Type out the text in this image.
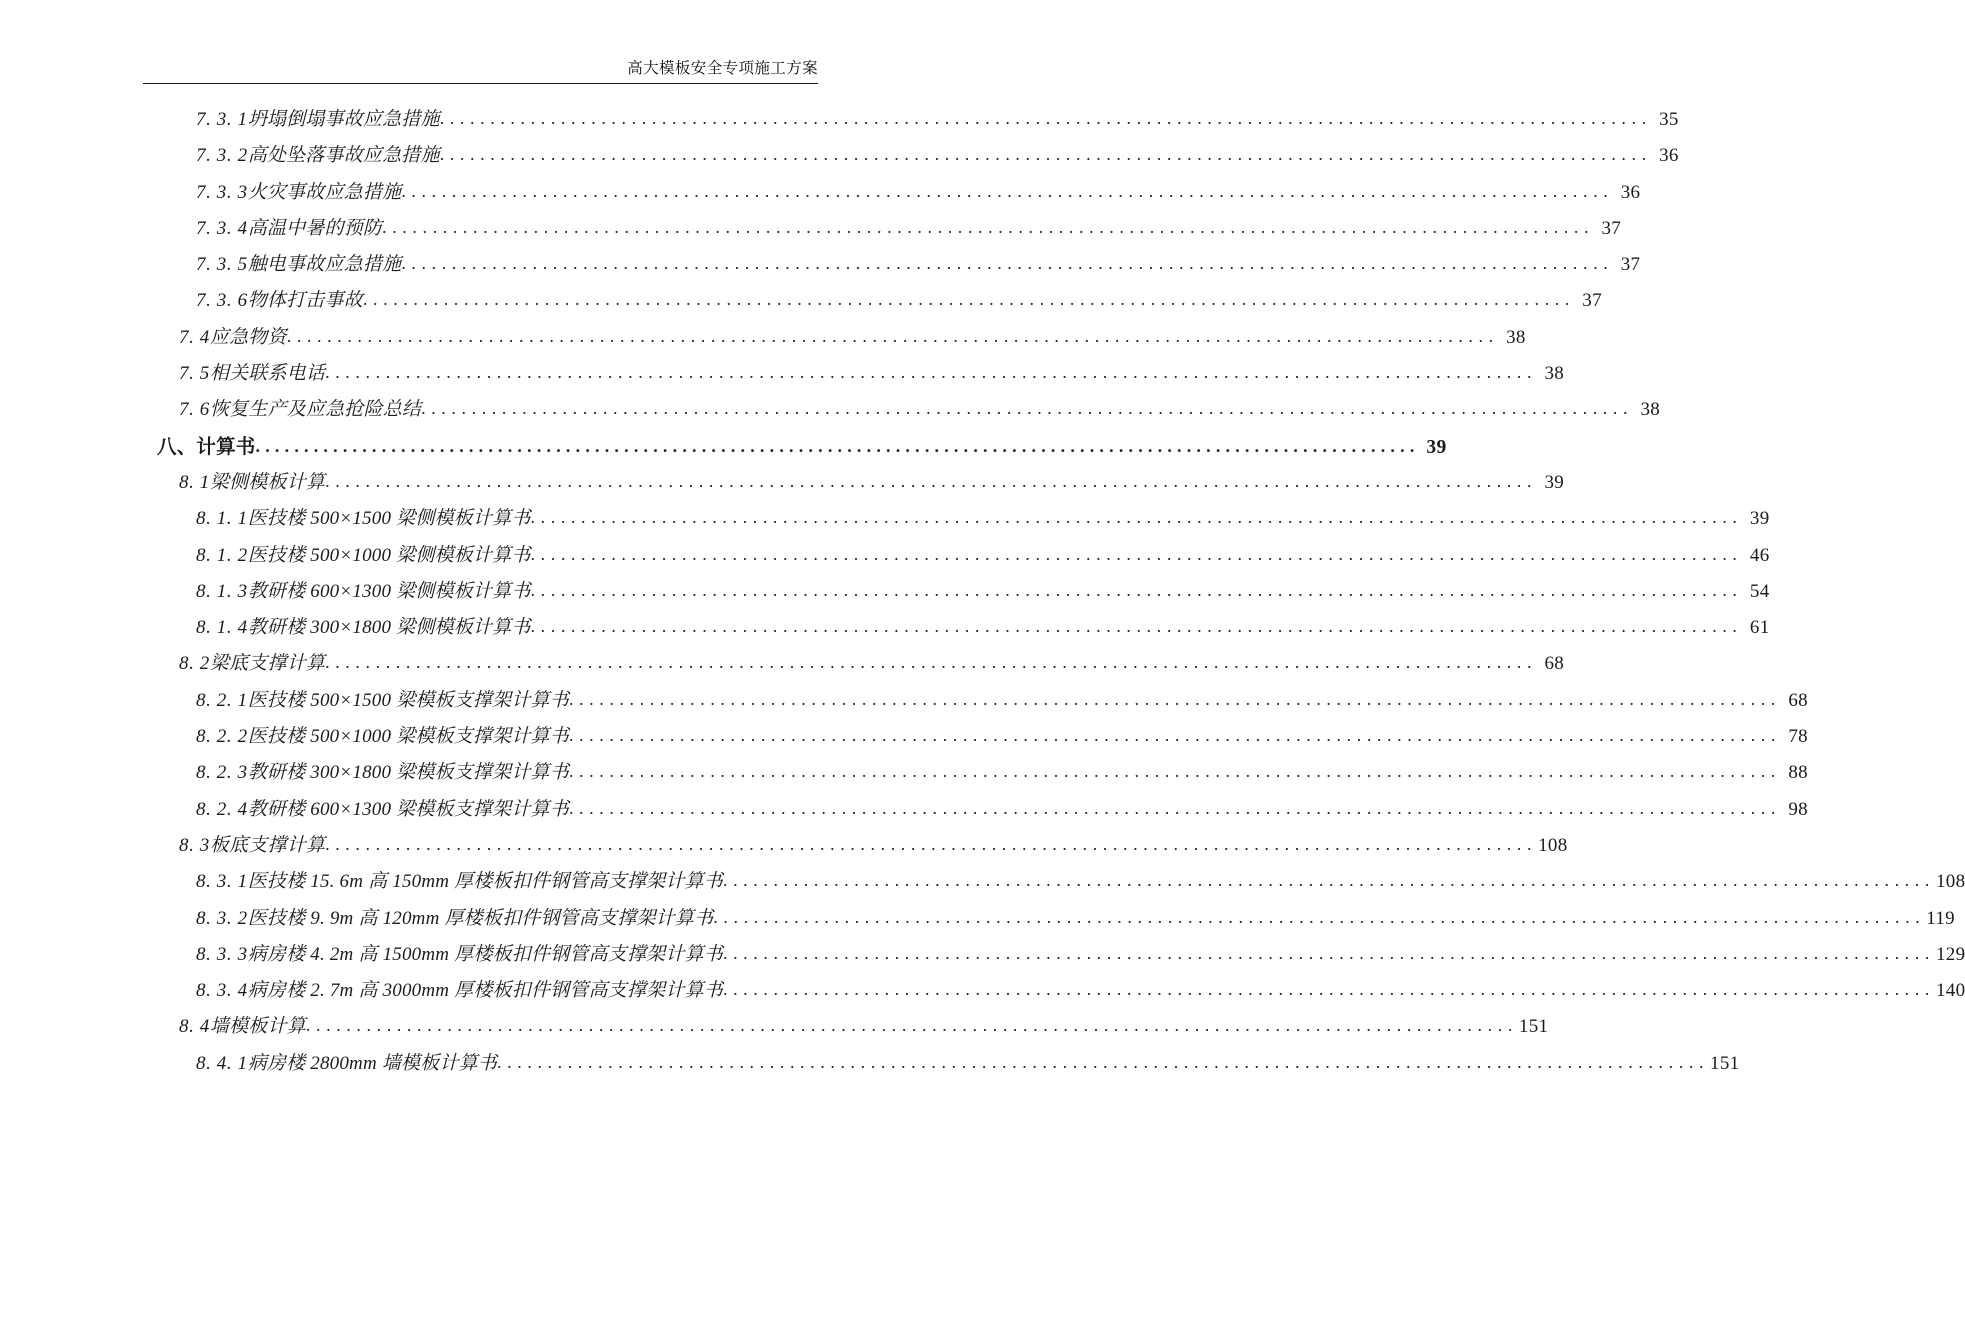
高大模板安全专项施工方案
7. 3. 1 坍塌倒塌事故应急措施 ........................................................................................................................ 35
7. 3. 2 高处坠落事故应急措施 ........................................................................................................................ 36
7. 3. 3 火灾事故应急措施 ........................................................................................................................ 36
7. 3. 4 高温中暑的预防 ........................................................................................................................ 37
7. 3. 5 触电事故应急措施 ........................................................................................................................ 37
7. 3. 6 物体打击事故 ........................................................................................................................ 37
7. 4 应急物资 ........................................................................................................................ 38
7. 5 相关联系电话 ........................................................................................................................ 38
7. 6 恢复生产及应急抢险总结 ........................................................................................................................ 38
八、 计算书 ........................................................................................................................ 39
8. 1 梁侧模板计算 ........................................................................................................................ 39
8. 1. 1 医技楼 500×1500 梁侧模板计算书 ........................................................................................................................ 39
8. 1. 2 医技楼 500×1000 梁侧模板计算书 ........................................................................................................................ 46
8. 1. 3 教研楼 600×1300 梁侧模板计算书 ........................................................................................................................ 54
8. 1. 4 教研楼 300×1800 梁侧模板计算书 ........................................................................................................................ 61
8. 2 梁底支撑计算 ........................................................................................................................ 68
8. 2. 1 医技楼 500×1500 梁模板支撑架计算书 ........................................................................................................................ 68
8. 2. 2 医技楼 500×1000 梁模板支撑架计算书 ........................................................................................................................ 78
8. 2. 3 教研楼 300×1800 梁模板支撑架计算书 ........................................................................................................................ 88
8. 2. 4 教研楼 600×1300 梁模板支撑架计算书 ........................................................................................................................ 98
8. 3 板底支撑计算 ........................................................................................................................ 108
8. 3. 1 医技楼 15. 6m 高 150mm 厚楼板扣件钢管高支撑架计算书 ........................................................................................................................ 108
8. 3. 2 医技楼 9. 9m 高 120mm 厚楼板扣件钢管高支撑架计算书 ........................................................................................................................ 119
8. 3. 3 病房楼 4. 2m 高 1500mm 厚楼板扣件钢管高支撑架计算书 ........................................................................................................................ 129
8. 3. 4 病房楼 2. 7m 高 3000mm 厚楼板扣件钢管高支撑架计算书 ........................................................................................................................ 140
8. 4 墙模板计算 ........................................................................................................................ 151
8. 4. 1 病房楼 2800mm 墙模板计算书 ........................................................................................................................ 151
